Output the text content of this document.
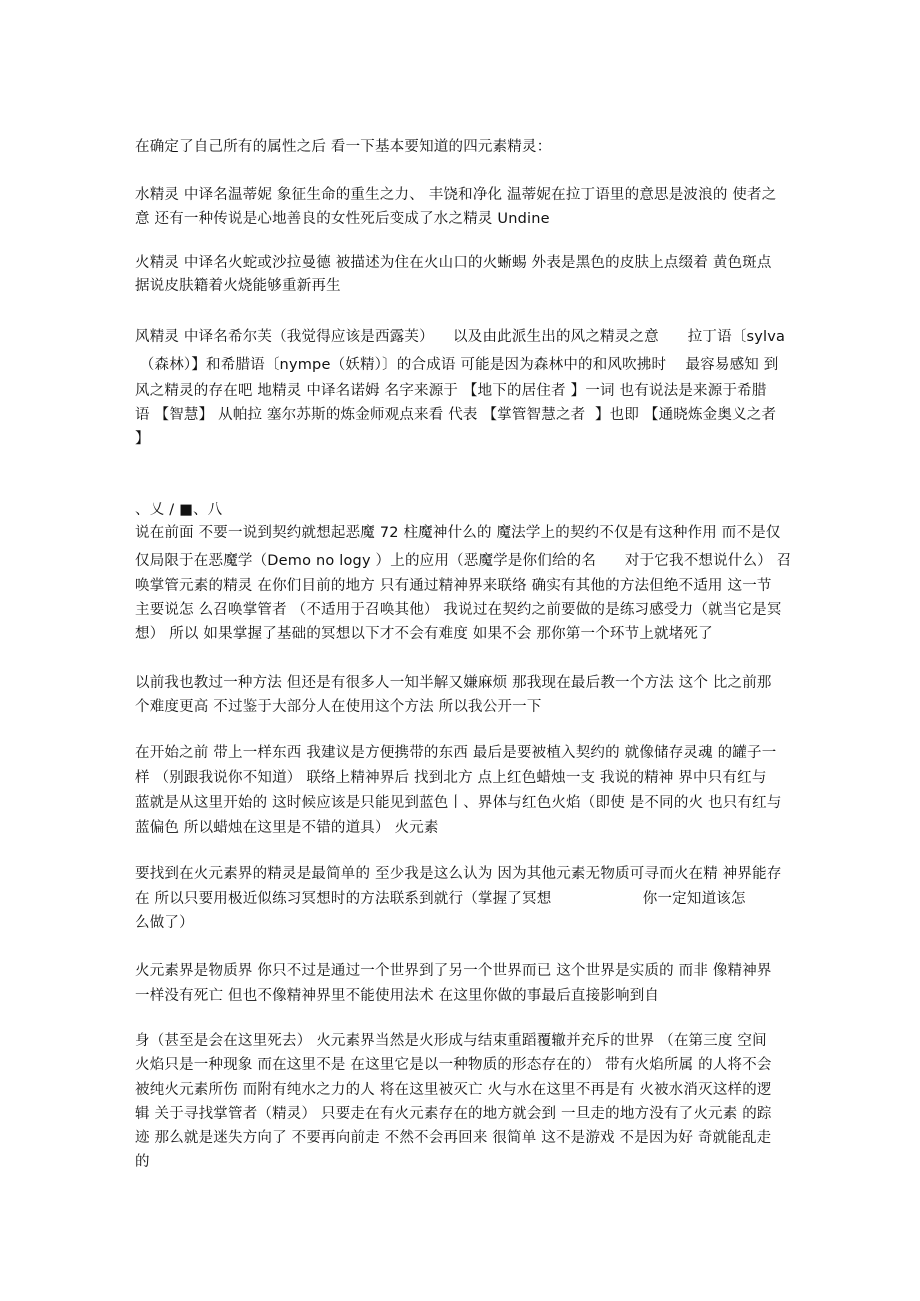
在确定了自己所有的属性之后 看一下基本要知道的四元素精灵：
水精灵 中译名温蒂妮 象征生命的重生之力、 丰饶和净化 温蒂妮在拉丁语里的意思是波浪的 使者之
意 还有一种传说是心地善良的女性死后变成了水之精灵 Undine
火精灵 中译名火蛇或沙拉曼德 被描述为住在火山口的火蜥蜴 外表是黑色的皮肤上点缀着 黄色斑点
据说皮肤籍着火烧能够重新再生
风精灵 中译名希尔芙（我觉得应该是西露芙）    以及由此派生出的风之精灵之意      拉丁语〔sylva
（森林）】和希腊语〔nympe（妖精）〕的合成语 可能是因为森林中的和风吹拂时    最容易感知 到
风之精灵的存在吧 地精灵 中译名诺姆 名字来源于 【地下的居住者 】一词 也有说法是来源于希腊
语 【智慧】 从帕拉 塞尔苏斯的炼金师观点来看 代表 【掌管智慧之者  】也即 【通晓炼金奥义之者
】
、乂 / ■、八
说在前面 不要一说到契约就想起恶魔 72 柱魔神什么的 魔法学上的契约不仅是有这种作用 而不是仅
仅局限于在恶魔学（Demo no logy ）上的应用（恶魔学是你们给的名      对于它我不想说什么） 召
唤掌管元素的精灵 在你们目前的地方 只有通过精神界来联络 确实有其他的方法但绝不适用 这一节
主要说怎 么召唤掌管者 （不适用于召唤其他） 我说过在契约之前要做的是练习感受力（就当它是冥
想） 所以 如果掌握了基础的冥想以下才不会有难度 如果不会 那你第一个环节上就堵死了
以前我也教过一种方法 但还是有很多人一知半解又嫌麻烦 那我现在最后教一个方法 这个 比之前那
个难度更高 不过鉴于大部分人在使用这个方法 所以我公开一下
在开始之前 带上一样东西 我建议是方便携带的东西 最后是要被植入契约的 就像储存灵魂 的罐子一
样 （别跟我说你不知道） 联络上精神界后 找到北方 点上红色蜡烛一支 我说的精神 界中只有红与
蓝就是从这里开始的 这时候应该是只能见到蓝色丨、界体与红色火焰（即使 是不同的火 也只有红与
蓝偏色 所以蜡烛在这里是不错的道具） 火元素
要找到在火元素界的精灵是最简单的 至少我是这么认为 因为其他元素无物质可寻而火在精 神界能存
在 所以只要用极近似练习冥想时的方法联系到就行（掌握了冥想                   你一定知道该怎
么做了）
火元素界是物质界 你只不过是通过一个世界到了另一个世界而已 这个世界是实质的 而非 像精神界
一样没有死亡 但也不像精神界里不能使用法术 在这里你做的事最后直接影响到自
身（甚至是会在这里死去） 火元素界当然是火形成与结束重蹈覆辙并充斥的世界 （在第三度 空间
火焰只是一种现象 而在这里不是 在这里它是以一种物质的形态存在的） 带有火焰所属 的人将不会
被纯火元素所伤 而附有纯水之力的人 将在这里被灭亡 火与水在这里不再是有 火被水消灭这样的逻
辑 关于寻找掌管者（精灵） 只要走在有火元素存在的地方就会到 一旦走的地方没有了火元素 的踪
迹 那么就是迷失方向了 不要再向前走 不然不会再回来 很简单 这不是游戏 不是因为好 奇就能乱走
的
